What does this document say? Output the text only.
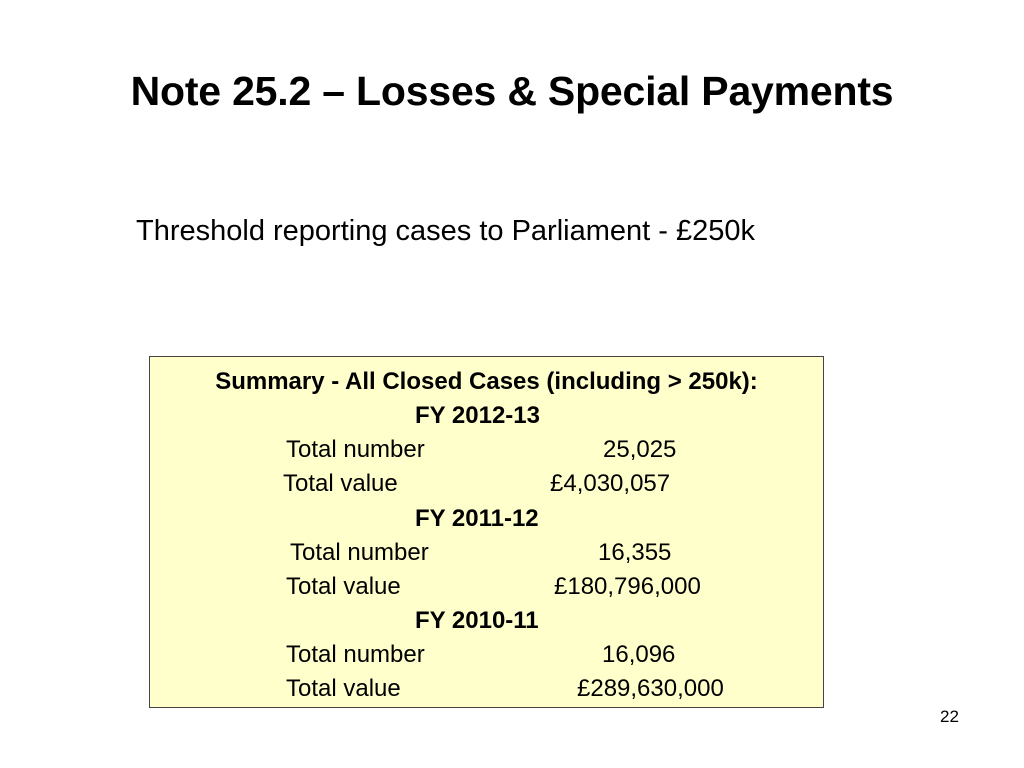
Note 25.2 – Losses & Special Payments
Threshold reporting cases to Parliament - £250k
Summary - All Closed Cases (including > 250k):
FY 2012-13
Total number	25,025
Total value	£4,030,057
FY 2011-12
Total number	16,355
Total value	£180,796,000
FY 2010-11
Total number	16,096
Total value	£289,630,000
22
